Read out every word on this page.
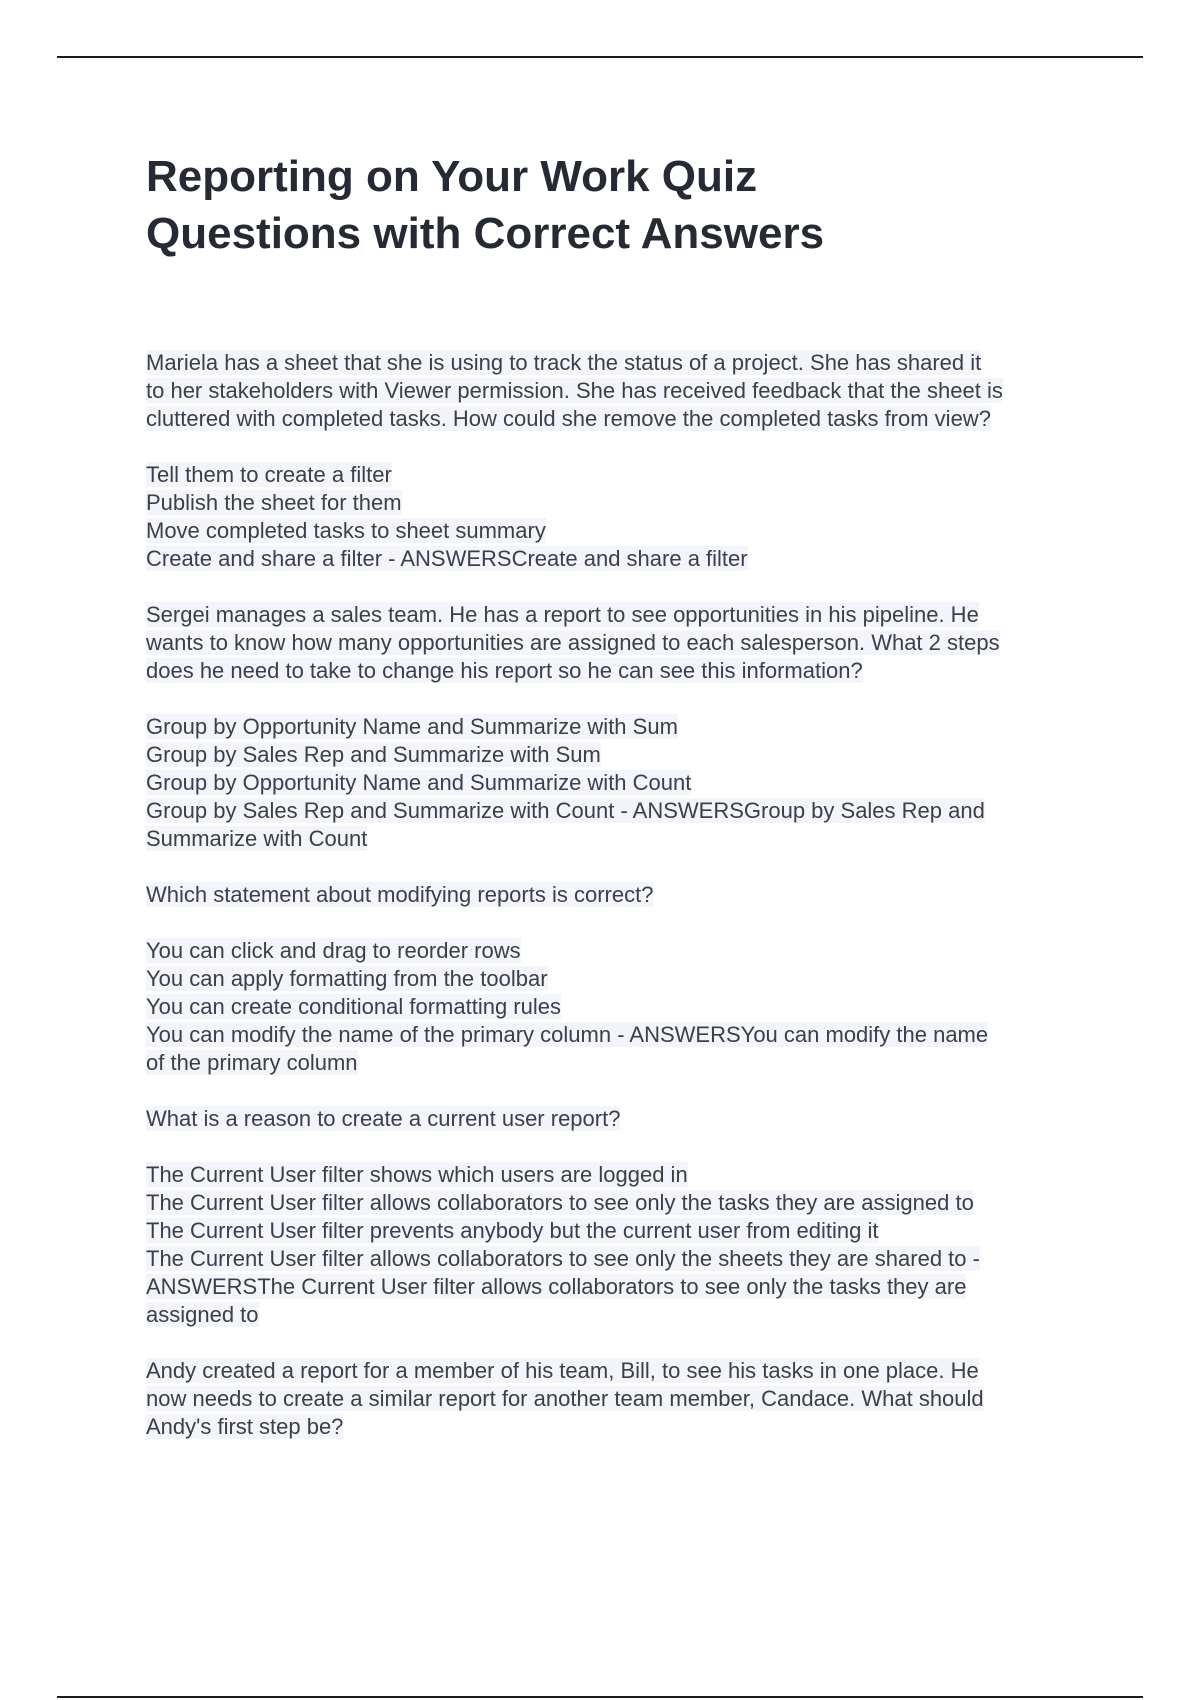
Reporting on Your Work Quiz
Questions with Correct Answers
Mariela has a sheet that she is using to track the status of a project. She has shared it
to her stakeholders with Viewer permission. She has received feedback that the sheet is
cluttered with completed tasks. How could she remove the completed tasks from view?
Tell them to create a filter
Publish the sheet for them
Move completed tasks to sheet summary
Create and share a filter - ANSWERSCreate and share a filter
Sergei manages a sales team. He has a report to see opportunities in his pipeline. He
wants to know how many opportunities are assigned to each salesperson. What 2 steps
does he need to take to change his report so he can see this information?
Group by Opportunity Name and Summarize with Sum
Group by Sales Rep and Summarize with Sum
Group by Opportunity Name and Summarize with Count
Group by Sales Rep and Summarize with Count - ANSWERSGroup by Sales Rep and
Summarize with Count
Which statement about modifying reports is correct?
You can click and drag to reorder rows
You can apply formatting from the toolbar
You can create conditional formatting rules
You can modify the name of the primary column - ANSWERSYou can modify the name
of the primary column
What is a reason to create a current user report?
The Current User filter shows which users are logged in
The Current User filter allows collaborators to see only the tasks they are assigned to
The Current User filter prevents anybody but the current user from editing it
The Current User filter allows collaborators to see only the sheets they are shared to -
ANSWERSThe Current User filter allows collaborators to see only the tasks they are
assigned to
Andy created a report for a member of his team, Bill, to see his tasks in one place. He
now needs to create a similar report for another team member, Candace. What should
Andy's first step be?
